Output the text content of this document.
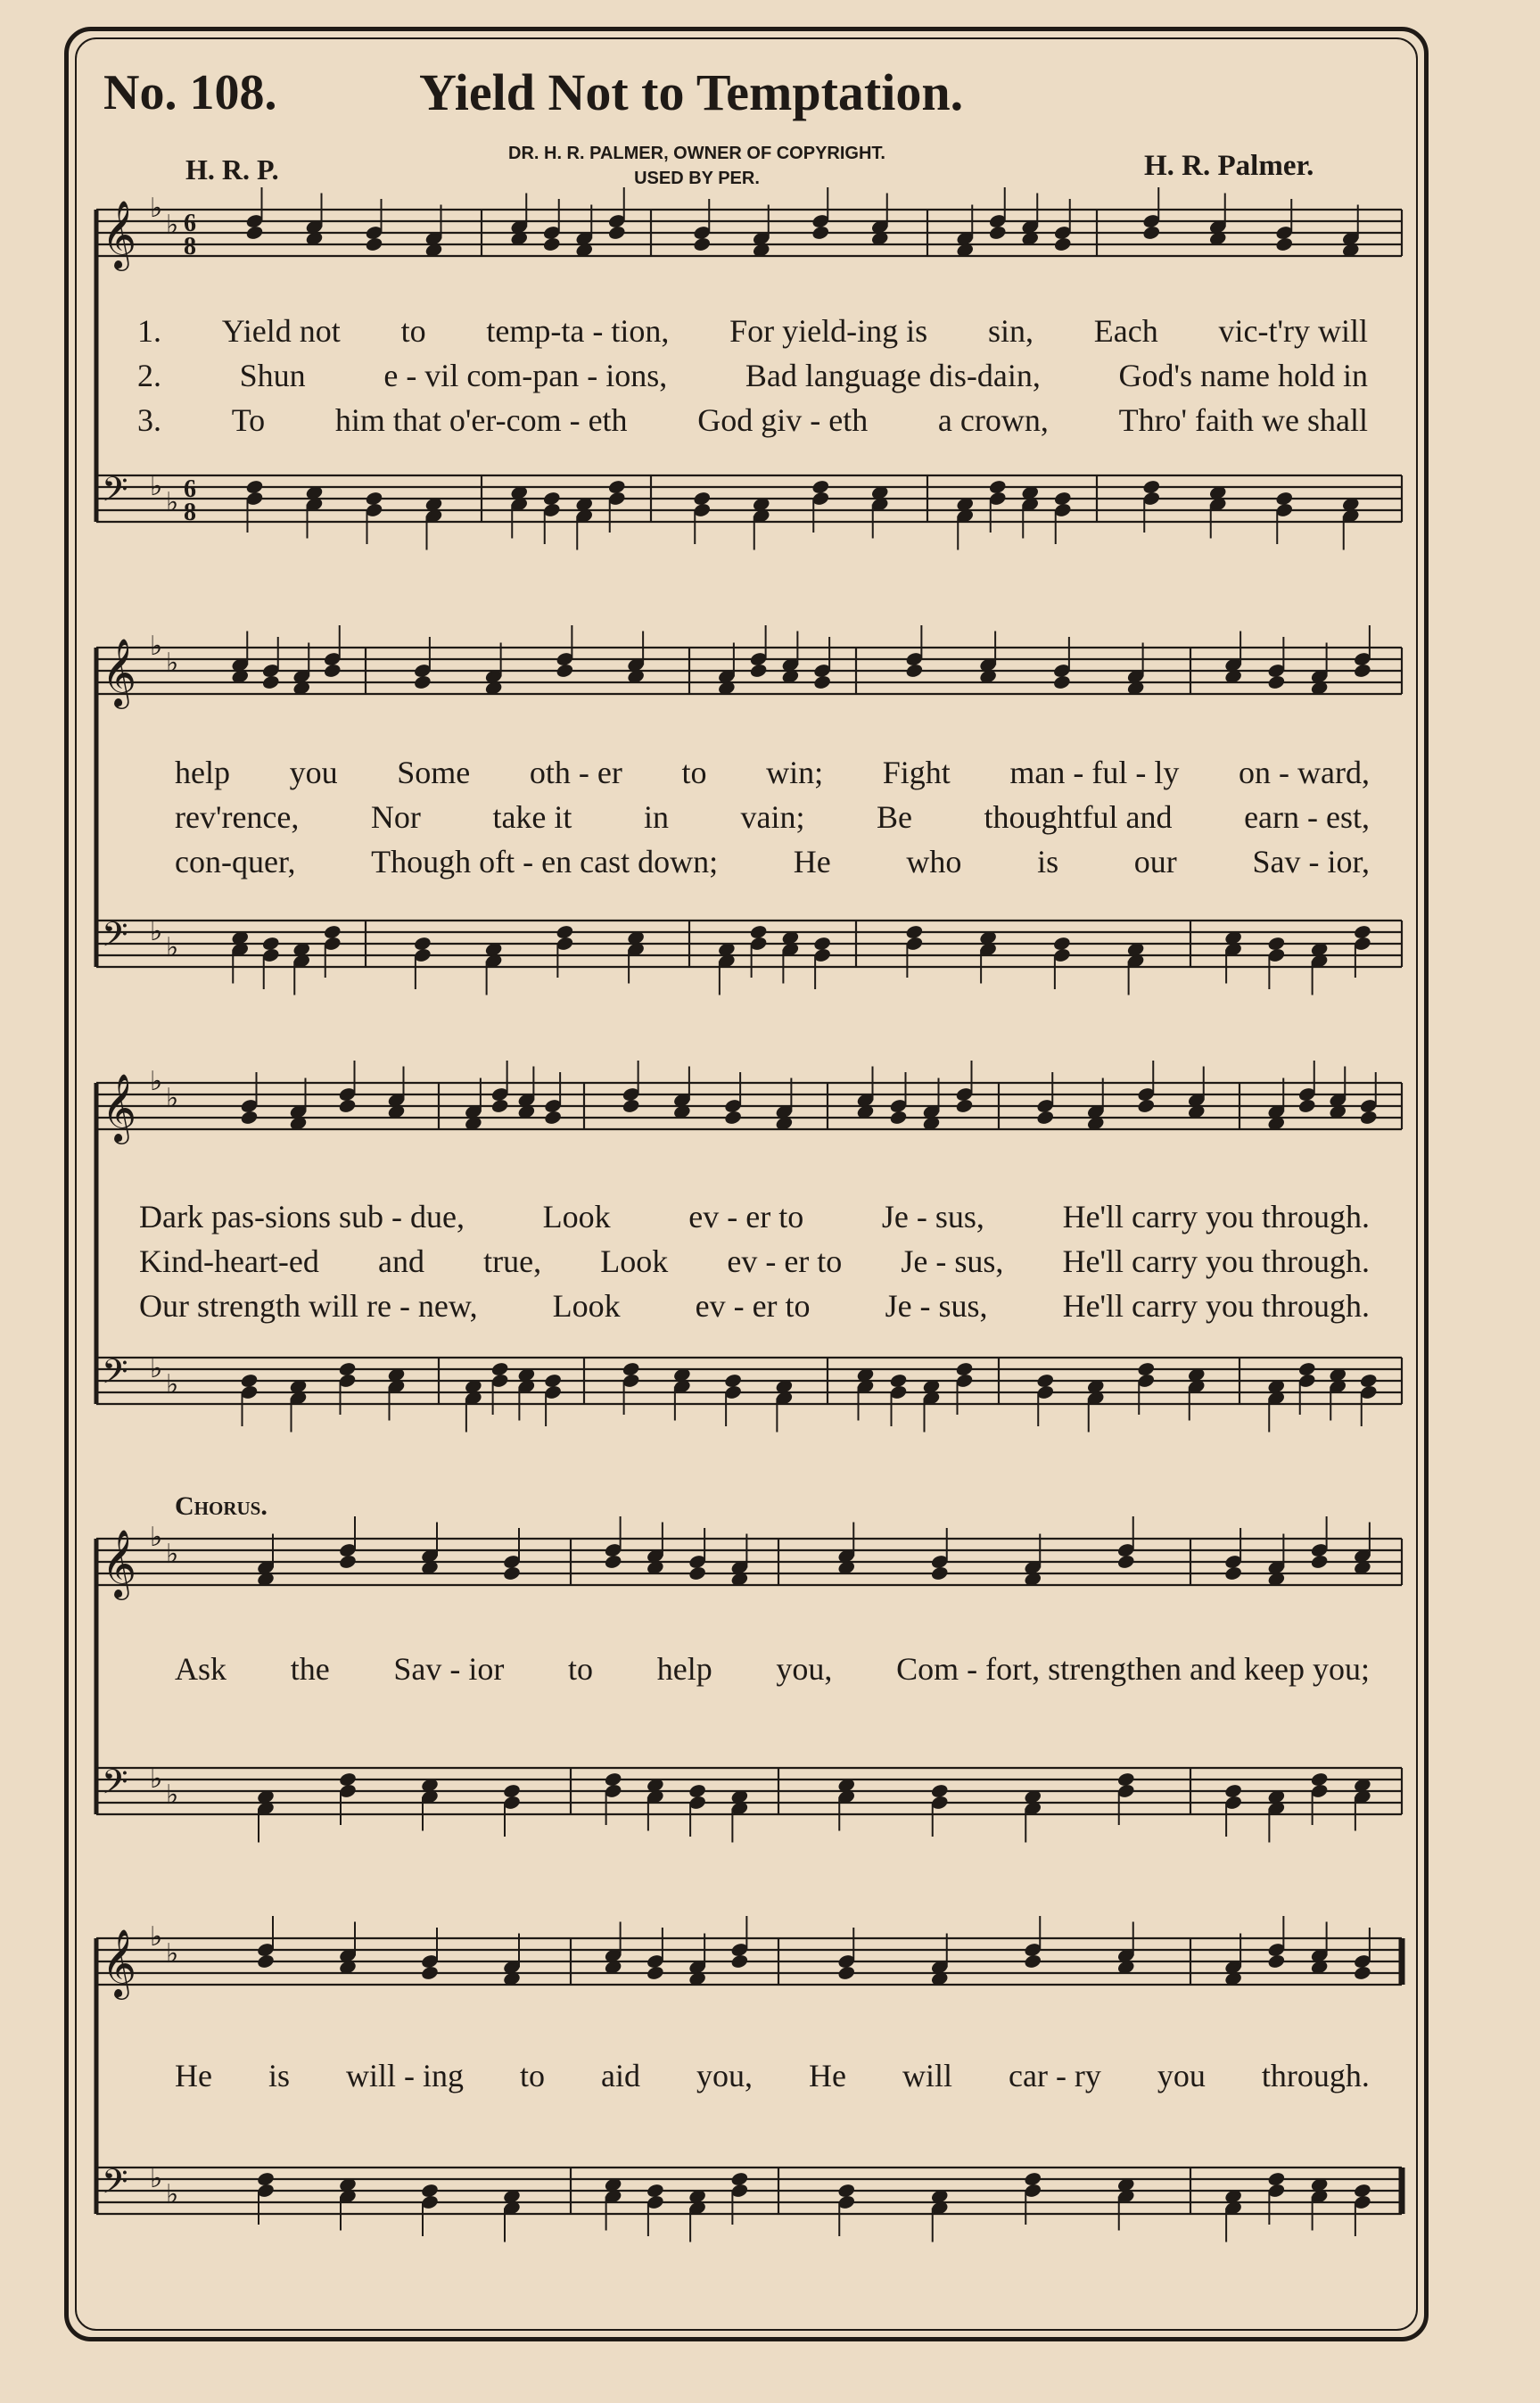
No. 108.	Yield Not to Temptation.
H. R. P.	DR. H. R. PALMER, OWNER OF COPYRIGHT.
USED BY PER.	H. R. Palmer.
Chorus.
𝄞 ♭
♭
𝄢 ♭
♭
𝄞 ♭
♭
𝄢 ♭
♭
𝄞 ♭
♭
𝄢 ♭
♭
𝄞 ♭
♭
𝄢 ♭
♭
𝄞 ♭
♭
𝄢 ♭
♭
6
8
6
8
1. Yield not to temp-ta - tion, For yield-ing is sin, Each vic-t'ry will
2. Shun e - vil com-pan - ions, Bad language dis-dain, God's name hold in
3. To him that o'er-com - eth God giv - eth a crown, Thro' faith we shall
help you Some oth - er to win; Fight man - ful - ly on - ward,
rev'rence, Nor take it in vain; Be thoughtful and earn - est,
con-quer, Though oft - en cast down; He who is our Sav - ior,
Dark pas-sions sub - due, Look ev - er to Je - sus, He'll carry you through.
Kind-heart-ed and true, Look ev - er to Je - sus, He'll carry you through.
Our strength will re - new, Look ev - er to Je - sus, He'll carry you through.
Ask the Sav - ior to help you, Com - fort, strengthen and keep you;
He is will - ing to aid you, He will car - ry you through.
